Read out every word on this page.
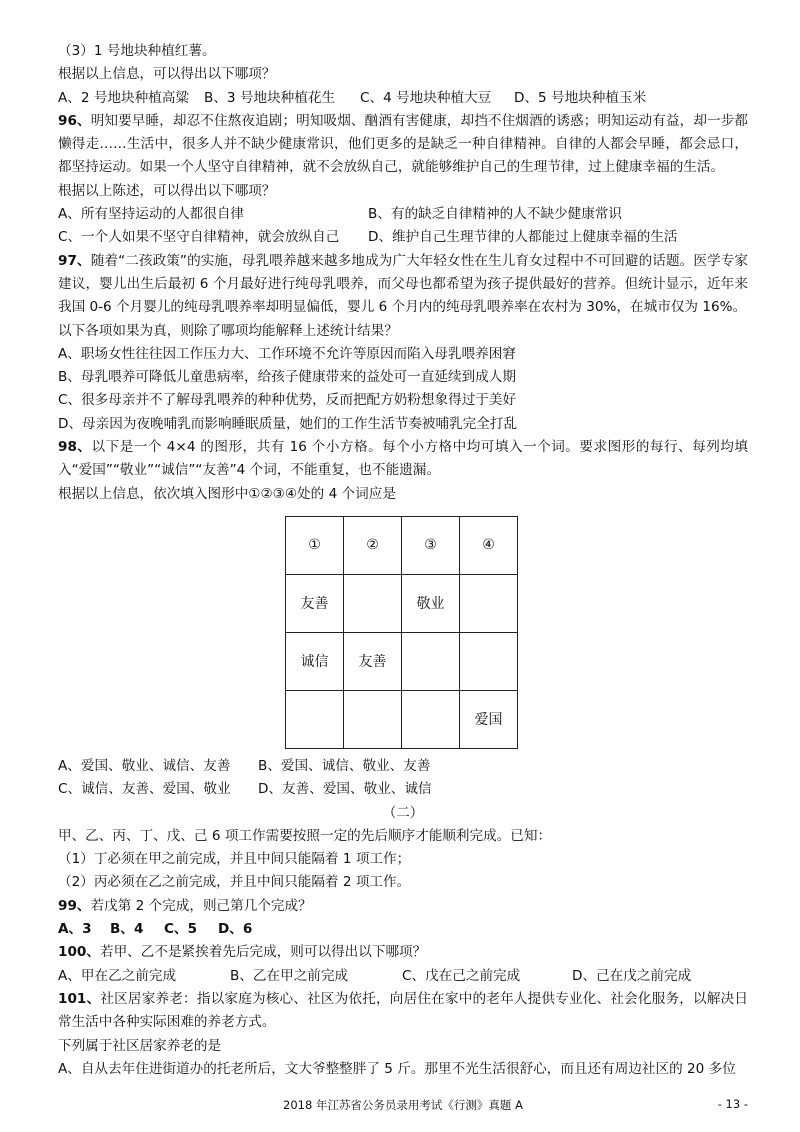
（3）1 号地块种植红薯。
根据以上信息，可以得出以下哪项？
A、2 号地块种植高粱	B、3 号地块种植花生	C、4 号地块种植大豆	D、5 号地块种植玉米
96、明知要早睡，却忍不住熬夜追剧；明知吸烟、酗酒有害健康，却挡不住烟酒的诱惑；明知运动有益，却一步都懒得走……生活中，很多人并不缺少健康常识，他们更多的是缺乏一种自律精神。自律的人都会早睡，都会忌口，都坚持运动。如果一个人坚守自律精神，就不会放纵自己，就能够维护自己的生理节律，过上健康幸福的生活。
根据以上陈述，可以得出以下哪项？
A、所有坚持运动的人都很自律	B、有的缺乏自律精神的人不缺少健康常识
C、一个人如果不坚守自律精神，就会放纵自己	D、维护自己生理节律的人都能过上健康幸福的生活
97、随着“二孩政策”的实施，母乳喂养越来越多地成为广大年轻女性在生儿育女过程中不可回避的话题。医学专家建议，婴儿出生后最初 6 个月最好进行纯母乳喂养，而父母也都希望为孩子提供最好的营养。但统计显示，近年来我国 0-6 个月婴儿的纯母乳喂养率却明显偏低，婴儿 6 个月内的纯母乳喂养率在农村为 30%，在城市仅为 16%。
以下各项如果为真，则除了哪项均能解释上述统计结果？
A、职场女性往往因工作压力大、工作环境不允许等原因而陷入母乳喂养困窘
B、母乳喂养可降低儿童患病率，给孩子健康带来的益处可一直延续到成人期
C、很多母亲并不了解母乳喂养的种种优势，反而把配方奶粉想象得过于美好
D、母亲因为夜晚哺乳而影响睡眠质量，她们的工作生活节奏被哺乳完全打乱
98、以下是一个 4×4 的图形，共有 16 个小方格。每个小方格中均可填入一个词。要求图形的每行、每列均填入“爱国”“敬业”“诚信”“友善”4 个词，不能重复，也不能遗漏。
根据以上信息，依次填入图形中①②③④处的 4 个词应是
①	②	③	④
友善		敬业	
诚信	友善		
			爱国
A、爱国、敬业、诚信、友善	B、爱国、诚信、敬业、友善
C、诚信、友善、爱国、敬业	D、友善、爱国、敬业、诚信
（二）
甲、乙、丙、丁、戊、己 6 项工作需要按照一定的先后顺序才能顺利完成。已知：
（1）丁必须在甲之前完成，并且中间只能隔着 1 项工作；
（2）丙必须在乙之前完成，并且中间只能隔着 2 项工作。
99、若戊第 2 个完成，则己第几个完成？
A、3	B、4	C、5	D、6
100、若甲、乙不是紧挨着先后完成，则可以得出以下哪项？
A、甲在乙之前完成	B、乙在甲之前完成	C、戊在己之前完成	D、己在戊之前完成
101、社区居家养老：指以家庭为核心、社区为依托，向居住在家中的老年人提供专业化、社会化服务，以解决日常生活中各种实际困难的养老方式。
下列属于社区居家养老的是
A、自从去年住进街道办的托老所后，文大爷整整胖了 5 斤。那里不光生活很舒心，而且还有周边社区的 20 多位
2018 年江苏省公务员录用考试《行测》真题 A	- 13 -
